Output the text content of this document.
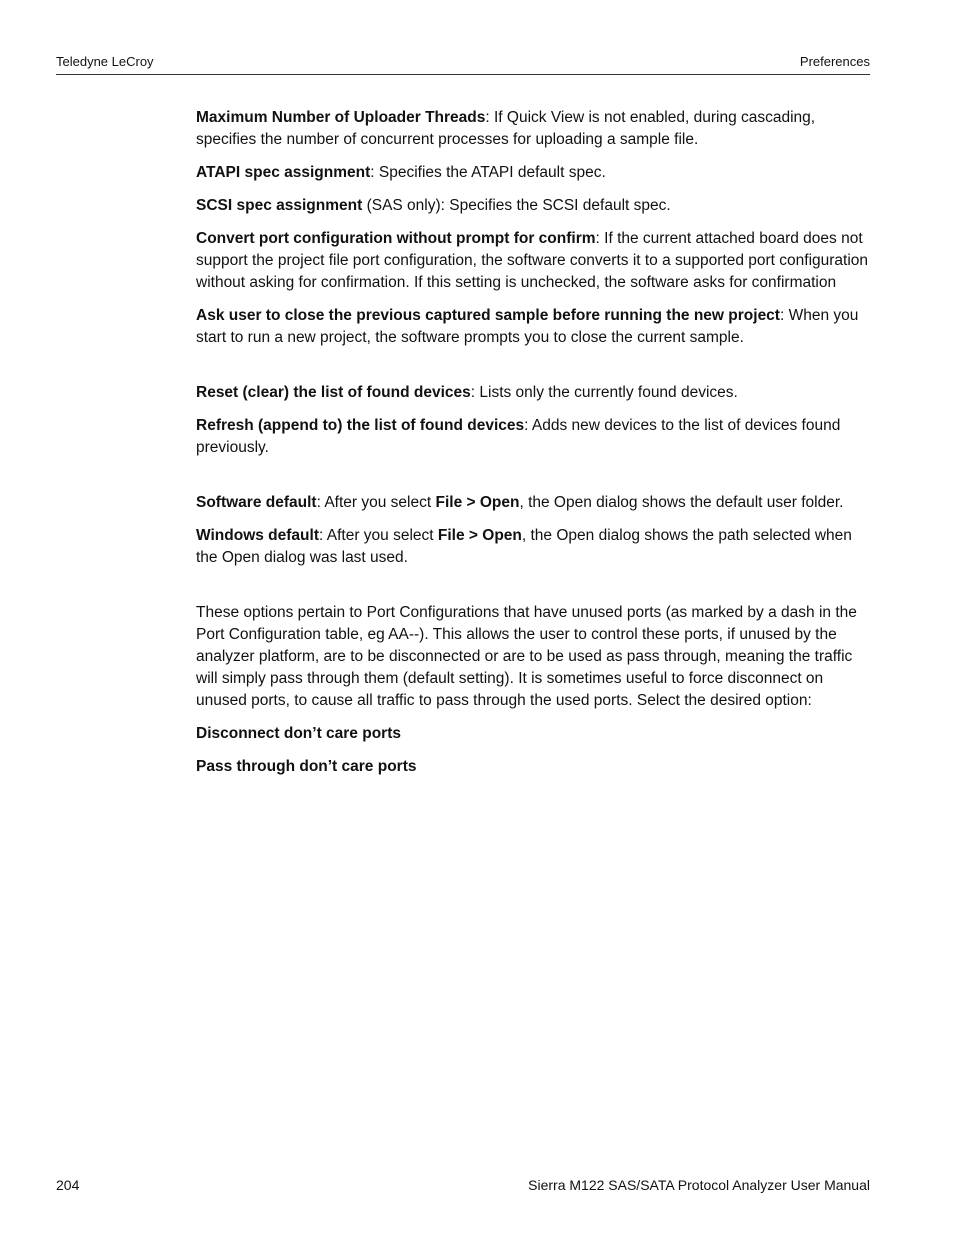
Teledyne LeCroy	Preferences

Maximum Number of Uploader Threads: If Quick View is not enabled, during cascading, specifies the number of concurrent processes for uploading a sample file.

ATAPI spec assignment: Specifies the ATAPI default spec.

SCSI spec assignment (SAS only): Specifies the SCSI default spec.

Convert port configuration without prompt for confirm: If the current attached board does not support the project file port configuration, the software converts it to a supported port configuration without asking for confirmation. If this setting is unchecked, the software asks for confirmation

Ask user to close the previous captured sample before running the new project: When you start to run a new project, the software prompts you to close the current sample.

Reset (clear) the list of found devices: Lists only the currently found devices.

Refresh (append to) the list of found devices: Adds new devices to the list of devices found previously.

Software default: After you select File > Open, the Open dialog shows the default user folder.

Windows default: After you select File > Open, the Open dialog shows the path selected when the Open dialog was last used.

These options pertain to Port Configurations that have unused ports (as marked by a dash in the Port Configuration table, eg AA--). This allows the user to control these ports, if unused by the analyzer platform, are to be disconnected or are to be used as pass through, meaning the traffic will simply pass through them (default setting). It is sometimes useful to force disconnect on unused ports, to cause all traffic to pass through the used ports. Select the desired option:

Disconnect don’t care ports

Pass through don’t care ports

204	Sierra M122 SAS/SATA Protocol Analyzer User Manual
